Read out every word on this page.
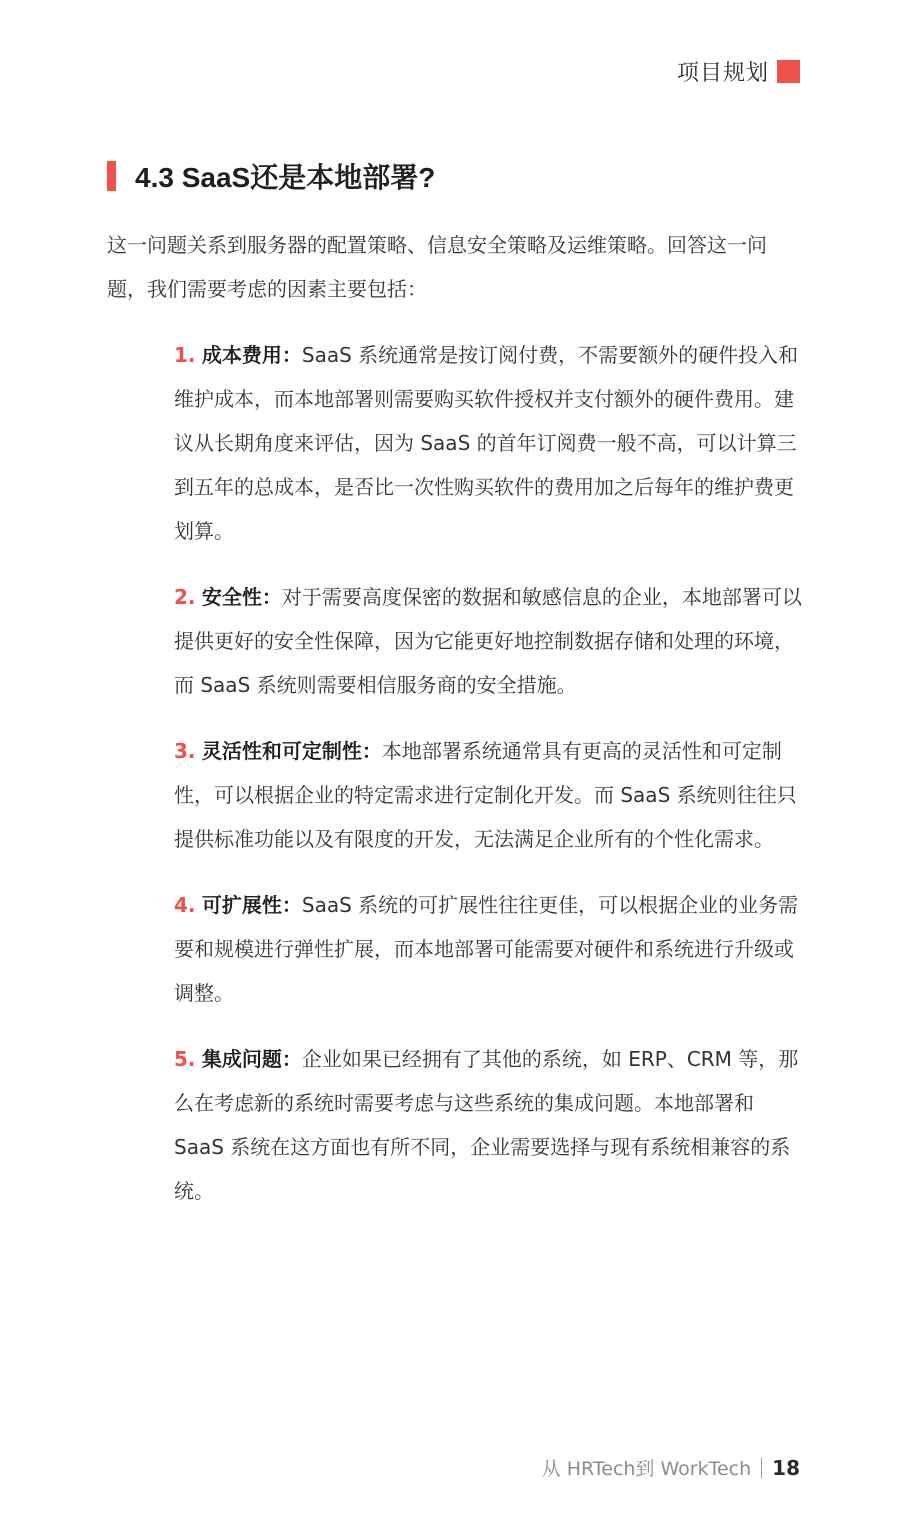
项目规划
4.3 SaaS还是本地部署?

这一问题关系到服务器的配置策略、信息安全策略及运维策略。回答这一问题，我们需要考虑的因素主要包括：

1. 成本费用：SaaS 系统通常是按订阅付费，不需要额外的硬件投入和维护成本，而本地部署则需要购买软件授权并支付额外的硬件费用。建议从长期角度来评估，因为 SaaS 的首年订阅费一般不高，可以计算三到五年的总成本，是否比一次性购买软件的费用加之后每年的维护费更划算。

2. 安全性：对于需要高度保密的数据和敏感信息的企业，本地部署可以提供更好的安全性保障，因为它能更好地控制数据存储和处理的环境，而 SaaS 系统则需要相信服务商的安全措施。

3. 灵活性和可定制性：本地部署系统通常具有更高的灵活性和可定制性，可以根据企业的特定需求进行定制化开发。而 SaaS 系统则往往只提供标准功能以及有限度的开发，无法满足企业所有的个性化需求。

4. 可扩展性：SaaS 系统的可扩展性往往更佳，可以根据企业的业务需要和规模进行弹性扩展，而本地部署可能需要对硬件和系统进行升级或调整。

5. 集成问题：企业如果已经拥有了其他的系统，如 ERP、CRM 等，那么在考虑新的系统时需要考虑与这些系统的集成问题。本地部署和 SaaS 系统在这方面也有所不同，企业需要选择与现有系统相兼容的系统。

从 HRTech到 WorkTech 18
